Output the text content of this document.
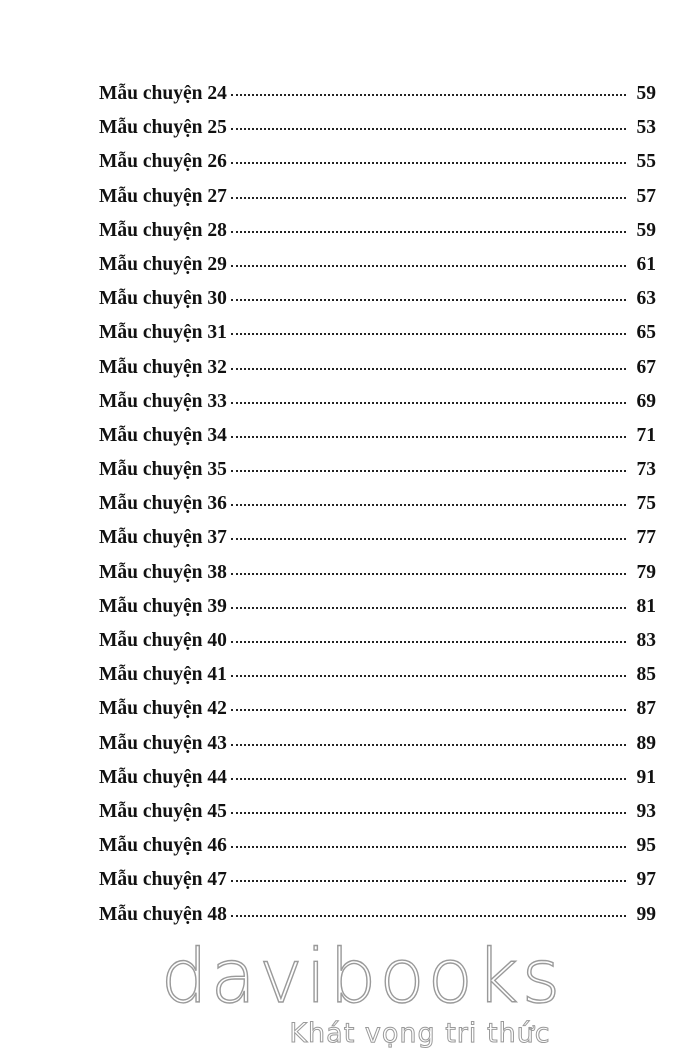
Mẫu chuyện 24	59
Mẫu chuyện 25	53
Mẫu chuyện 26	55
Mẫu chuyện 27	57
Mẫu chuyện 28	59
Mẫu chuyện 29	61
Mẫu chuyện 30	63
Mẫu chuyện 31	65
Mẫu chuyện 32	67
Mẫu chuyện 33	69
Mẫu chuyện 34	71
Mẫu chuyện 35	73
Mẫu chuyện 36	75
Mẫu chuyện 37	77
Mẫu chuyện 38	79
Mẫu chuyện 39	81
Mẫu chuyện 40	83
Mẫu chuyện 41	85
Mẫu chuyện 42	87
Mẫu chuyện 43	89
Mẫu chuyện 44	91
Mẫu chuyện 45	93
Mẫu chuyện 46	95
Mẫu chuyện 47	97
Mẫu chuyện 48	99
davibooks
Khát vọng tri thức
